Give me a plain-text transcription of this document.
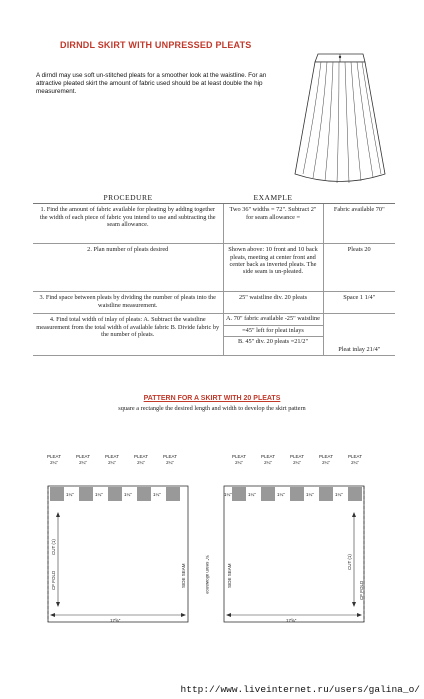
DIRNDL SKIRT WITH UNPRESSED PLEATS
A dirndl may use soft un-stitched pleats for a smoother look at the waistline. For an attractive pleated skirt the amount of fabric used should be at least double the hip measurement.
PROCEDURE	EXAMPLE	
1. Find the amount of fabric available for pleating by adding together the width of each piece of fabric you intend to use and subtracting the seam allowance.	Two 36" widths = 72". Subtract 2" for seam allowance =	Fabric available 70"
2. Plan number of pleats desired	Shown above: 10 front and 10 back pleats, meeting at center front and center back as inverted pleats. The side seam is un-pleated.	Pleats 20
3. Find space between pleats by dividing the number of pleats into the waistline measurement.	25" waistline div. 20 pleats	Space 1 1/4"
4. Find total width of inlay of pleats: A. Subtract the waistline measurement from the total width of available fabric B. Divide fabric by the number of pleats.	A. 70" fabric available -25" waistline
=45" left for pleat inlays
B. 45" div. 20 pleats =21/2"	Pleat inlay 21/4"
PATTERN FOR A SKIRT WITH 20 PLEATS
square a rectangle the desired length and width to develop the skirt pattern
PLEAT	PLEAT	PLEAT	PLEAT	PLEAT
2¼"	2¼"	2¼"	2¼"	2¼"
1¼"	1¼"	1¼"	1¼"
CF FOLD
CUT (1)
SIDE SEAM
17⅝"
¾" seam allowance
PLEAT	PLEAT	PLEAT	PLEAT	PLEAT
2¼"	2¼"	2¼"	2¼"	2¼"
1¼"	1¼"	1¼"	1¼"	1¼"
SIDE SEAM
CUT (1)
CF FOLD
17⅝"
http://www.liveinternet.ru/users/galina_o/
